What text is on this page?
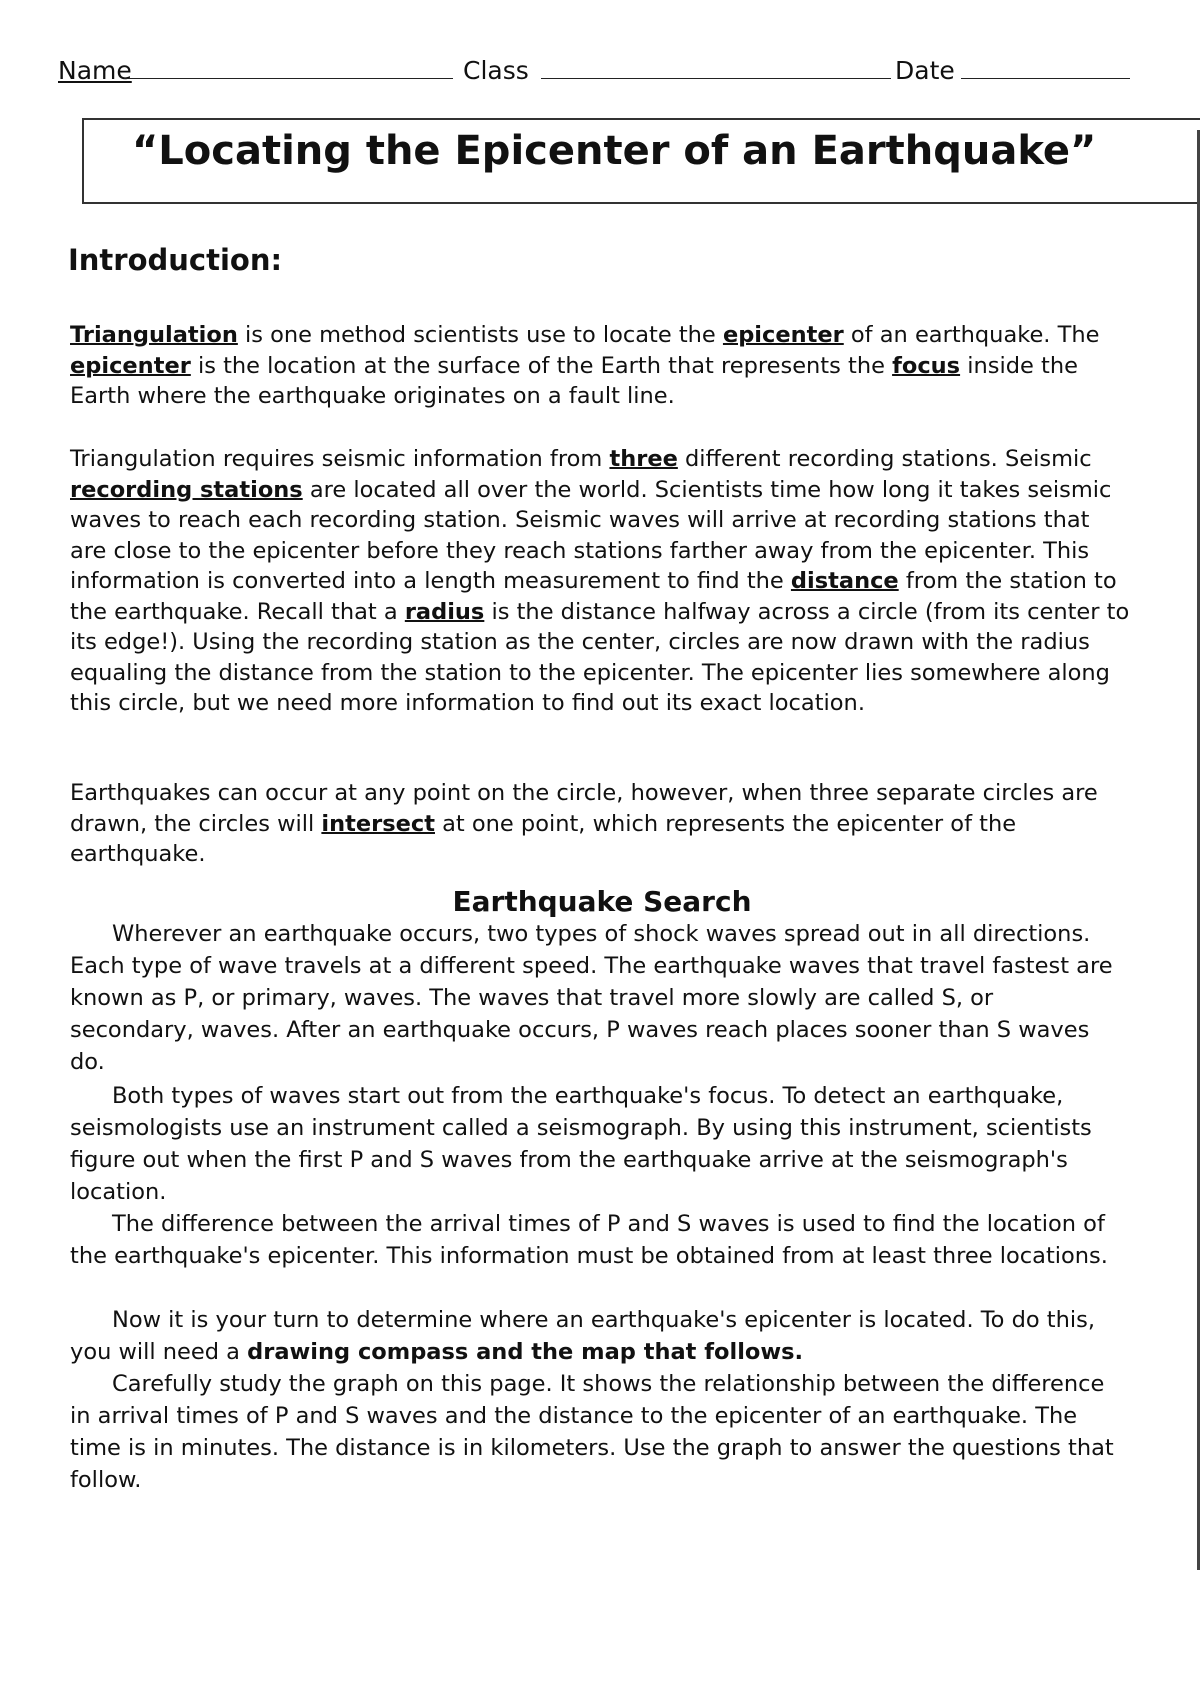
Name	Class	Date
“Locating the Epicenter of an Earthquake”
Introduction:
Triangulation is one method scientists use to locate the epicenter of an earthquake. The epicenter is the location at the surface of the Earth that represents the focus inside the Earth where the earthquake originates on a fault line.
Triangulation requires seismic information from three different recording stations. Seismic recording stations are located all over the world. Scientists time how long it takes seismic waves to reach each recording station. Seismic waves will arrive at recording stations that are close to the epicenter before they reach stations farther away from the epicenter. This information is converted into a length measurement to find the distance from the station to the earthquake. Recall that a radius is the distance halfway across a circle (from its center to its edge!). Using the recording station as the center, circles are now drawn with the radius equaling the distance from the station to the epicenter. The epicenter lies somewhere along this circle, but we need more information to find out its exact location.
Earthquakes can occur at any point on the circle, however, when three separate circles are drawn, the circles will intersect at one point, which represents the epicenter of the earthquake.
Earthquake Search
Wherever an earthquake occurs, two types of shock waves spread out in all directions. Each type of wave travels at a different speed. The earthquake waves that travel fastest are known as P, or primary, waves. The waves that travel more slowly are called S, or secondary, waves. After an earthquake occurs, P waves reach places sooner than S waves do.
Both types of waves start out from the earthquake's focus. To detect an earthquake, seismologists use an instrument called a seismograph. By using this instrument, scientists figure out when the first P and S waves from the earthquake arrive at the seismograph's location.
The difference between the arrival times of P and S waves is used to find the location of the earthquake's epicenter. This information must be obtained from at least three locations.
Now it is your turn to determine where an earthquake's epicenter is located. To do this, you will need a drawing compass and the map that follows.
Carefully study the graph on this page. It shows the relationship between the difference in arrival times of P and S waves and the distance to the epicenter of an earthquake. The time is in minutes. The distance is in kilometers. Use the graph to answer the questions that follow.
